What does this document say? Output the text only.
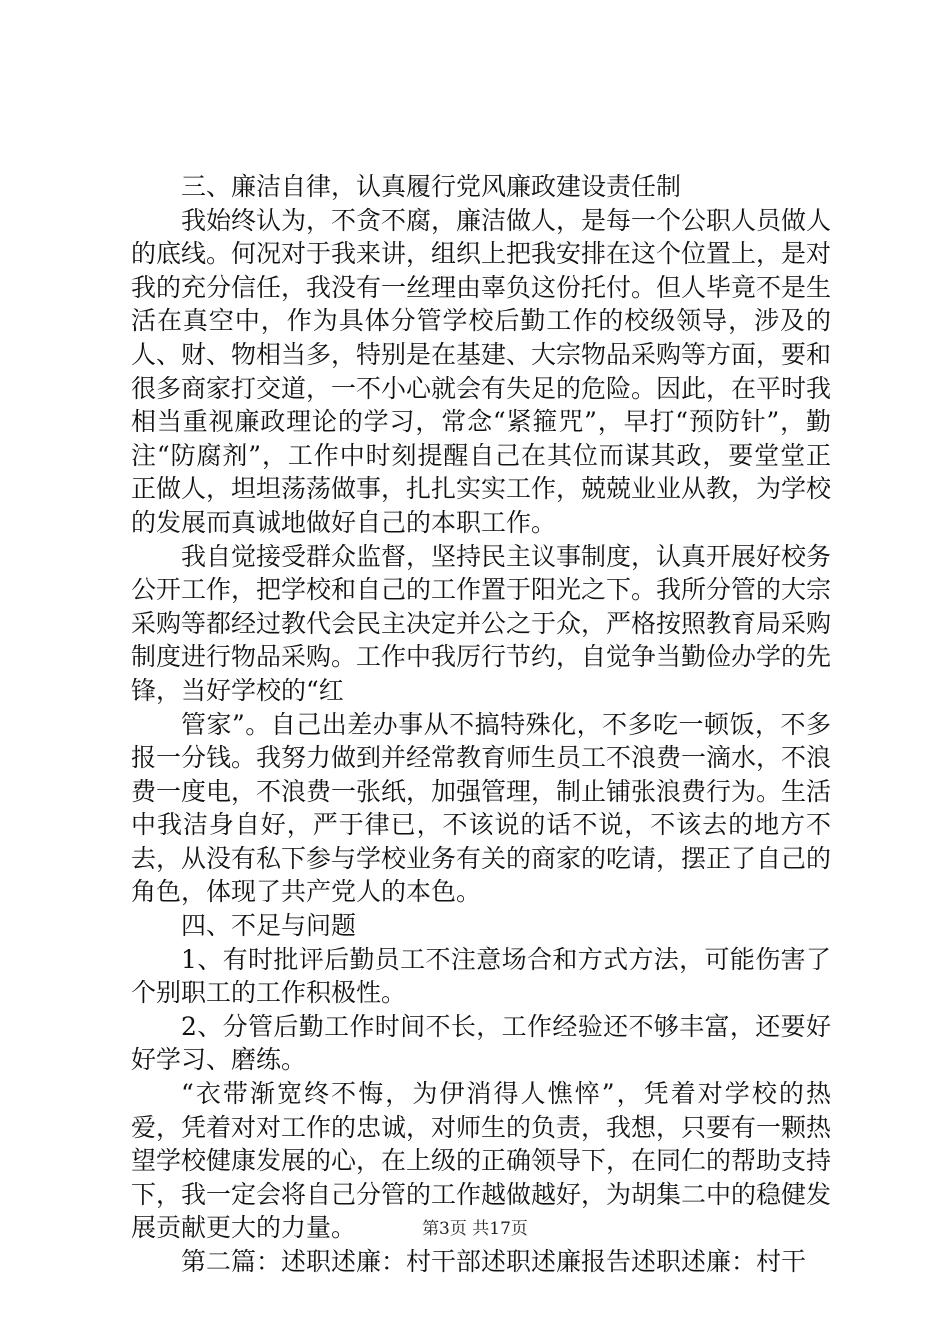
三、廉洁自律，认真履行党风廉政建设责任制

我始终认为，不贪不腐，廉洁做人，是每一个公职人员做人的底线。何况对于我来讲，组织上把我安排在这个位置上，是对我的充分信任，我没有一丝理由辜负这份托付。但人毕竟不是生活在真空中，作为具体分管学校后勤工作的校级领导，涉及的人、财、物相当多，特别是在基建、大宗物品采购等方面，要和很多商家打交道，一不小心就会有失足的危险。因此，在平时我相当重视廉政理论的学习，常念“紧箍咒”，早打“预防针”，勤注“防腐剂”，工作中时刻提醒自己在其位而谋其政，要堂堂正正做人，坦坦荡荡做事，扎扎实实工作，兢兢业业从教，为学校的发展而真诚地做好自己的本职工作。

我自觉接受群众监督，坚持民主议事制度，认真开展好校务公开工作，把学校和自己的工作置于阳光之下。我所分管的大宗采购等都经过教代会民主决定并公之于众，严格按照教育局采购制度进行物品采购。工作中我厉行节约，自觉争当勤俭办学的先锋，当好学校的“红

管家”。自己出差办事从不搞特殊化，不多吃一顿饭，不多报一分钱。我努力做到并经常教育师生员工不浪费一滴水，不浪费一度电，不浪费一张纸，加强管理，制止铺张浪费行为。生活中我洁身自好，严于律已，不该说的话不说，不该去的地方不去，从没有私下参与学校业务有关的商家的吃请，摆正了自己的角色，体现了共产党人的本色。

四、不足与问题

1、有时批评后勤员工不注意场合和方式方法，可能伤害了个别职工的工作积极性。

2、分管后勤工作时间不长，工作经验还不够丰富，还要好好学习、磨练。

“衣带渐宽终不悔，为伊消得人憔悴”，凭着对学校的热爱，凭着对对工作的忠诚，对师生的负责，我想，只要有一颗热望学校健康发展的心，在上级的正确领导下，在同仁的帮助支持下，我一定会将自己分管的工作越做越好，为胡集二中的稳健发展贡献更大的力量。

第二篇：述职述廉：村干部述职述廉报告述职述廉：村干

第3页 共17页
